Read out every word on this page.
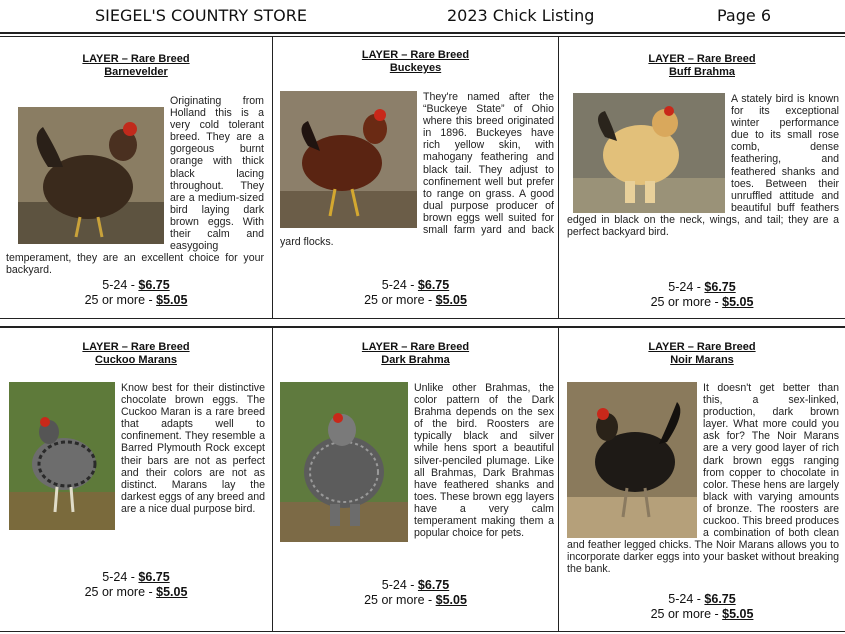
SIEGEL'S COUNTRY STORE	2023 Chick Listing	Page 6
LAYER – Rare Breed
Barnevelder
Originating from Holland this is a very cold tolerant breed. They are a gorgeous burnt orange with thick black lacing throughout. They are a medium-sized bird laying dark brown eggs. With their calm and easygoing temperament, they are an excellent choice for your backyard.
5-24 - $6.75
25 or more - $5.05
LAYER – Rare Breed
Buckeyes
They're named after the “Buckeye State” of Ohio where this breed originated in 1896. Buckeyes have rich yellow skin, with mahogany feathering and black tail. They adjust to confinement well but prefer to range on grass. A good dual purpose producer of brown eggs well suited for small farm yard and back yard flocks.
5-24 - $6.75
25 or more - $5.05
LAYER – Rare Breed
Buff Brahma
A stately bird is known for its exceptional winter performance due to its small rose comb, dense feathering, and feathered shanks and toes. Between their unruffled attitude and beautiful buff feathers edged in black on the neck, wings, and tail; they are a perfect backyard bird.
5-24 - $6.75
25 or more - $5.05
LAYER – Rare Breed
Cuckoo Marans
Know best for their distinctive chocolate brown eggs. The Cuckoo Maran is a rare breed that adapts well to confinement. They resemble a Barred Plymouth Rock except their bars are not as perfect and their colors are not as distinct. Marans lay the darkest eggs of any breed and are a nice dual purpose bird.
5-24 - $6.75
25 or more - $5.05
LAYER – Rare Breed
Dark Brahma
Unlike other Brahmas, the color pattern of the Dark Brahma depends on the sex of the bird. Roosters are typically black and silver while hens sport a beautiful silver-penciled plumage. Like all Brahmas, Dark Brahmas have feathered shanks and toes. These brown egg layers have a very calm temperament making them a popular choice for pets.
5-24 - $6.75
25 or more - $5.05
LAYER – Rare Breed
Noir Marans
It doesn't get better than this, a sex-linked, production, dark brown layer. What more could you ask for? The Noir Marans are a very good layer of rich dark brown eggs ranging from copper to chocolate in color. These hens are largely black with varying amounts of bronze. The roosters are cuckoo. This breed produces a combination of both clean and feather legged chicks. The Noir Marans allows you to incorporate darker eggs into your basket without breaking the bank.
5-24 - $6.75
25 or more - $5.05
